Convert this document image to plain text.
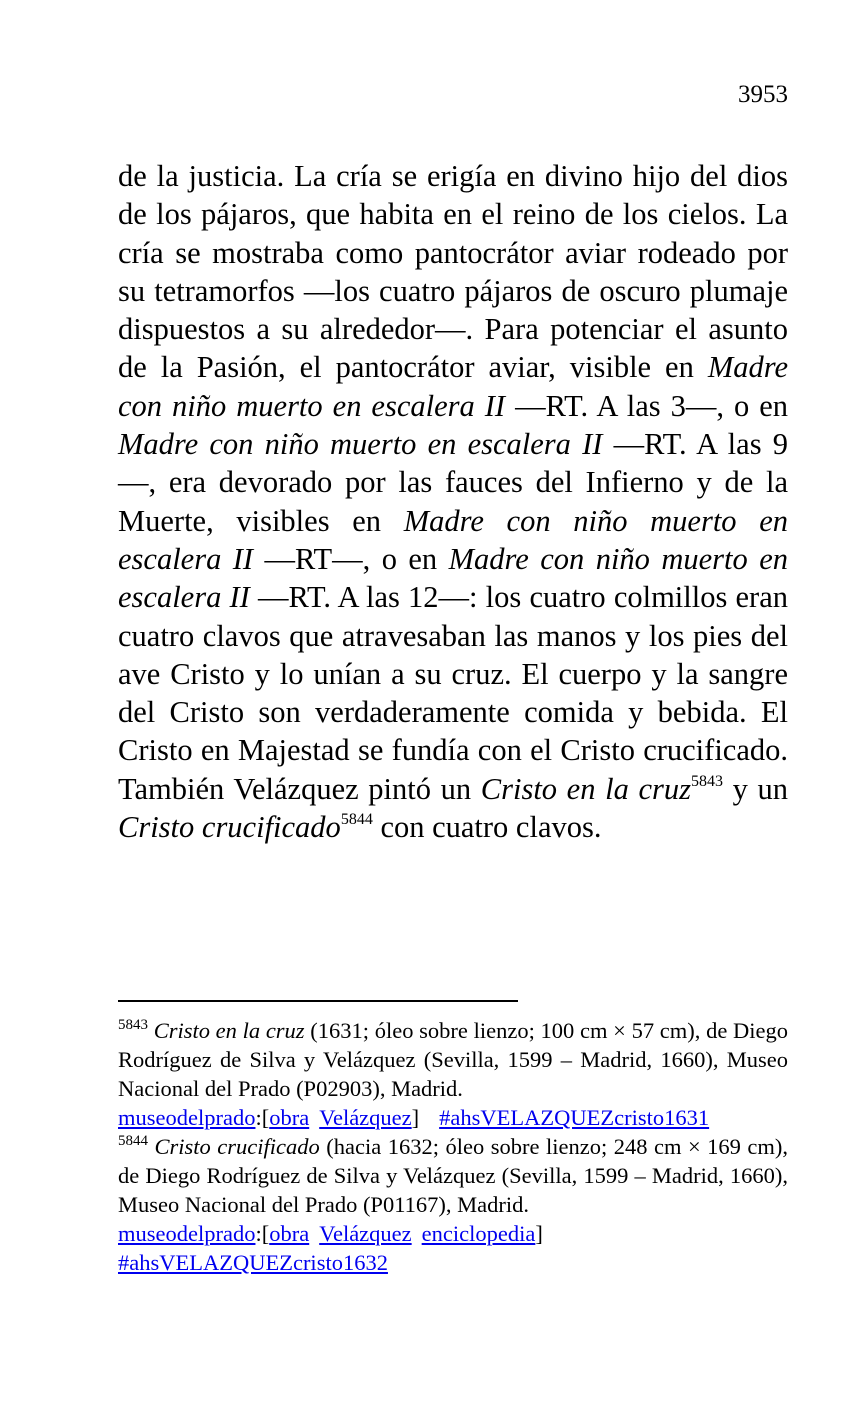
3953

de la justicia. La cría se erigía en divino hijo del dios de los pájaros, que habita en el reino de los cielos. La cría se mostraba como pantocrátor aviar rodeado por su tetramorfos —los cuatro pájaros de oscuro plumaje dispuestos a su alrededor—. Para potenciar el asunto de la Pasión, el pantocrátor aviar, visible en Madre con niño muerto en escalera II —RT. A las 3—, o en Madre con niño muerto en escalera II —RT. A las 9—, era devorado por las fauces del Infierno y de la Muerte, visibles en Madre con niño muerto en escalera II —RT—, o en Madre con niño muerto en escalera II —RT. A las 12—: los cuatro colmillos eran cuatro clavos que atravesaban las manos y los pies del ave Cristo y lo unían a su cruz. El cuerpo y la sangre del Cristo son verdaderamente comida y bebida. El Cristo en Majestad se fundía con el Cristo crucificado. También Velázquez pintó un Cristo en la cruz$^{5843}$ y un Cristo crucificado$^{5844}$ con cuatro clavos.

$^{5843}$ Cristo en la cruz (1631; óleo sobre lienzo; 100 cm × 57 cm), de Diego Rodríguez de Silva y Velázquez (Sevilla, 1599 – Madrid, 1660), Museo Nacional del Prado (P02903), Madrid.

museodelprado:[obra Velázquez] #ahsVELAZQUEZcristo1631

$^{5844}$ Cristo crucificado (hacia 1632; óleo sobre lienzo; 248 cm × 169 cm), de Diego Rodríguez de Silva y Velázquez (Sevilla, 1599 – Madrid, 1660), Museo Nacional del Prado (P01167), Madrid.

museodelprado:[obra Velázquez enciclopedia]

#ahsVELAZQUEZcristo1632
